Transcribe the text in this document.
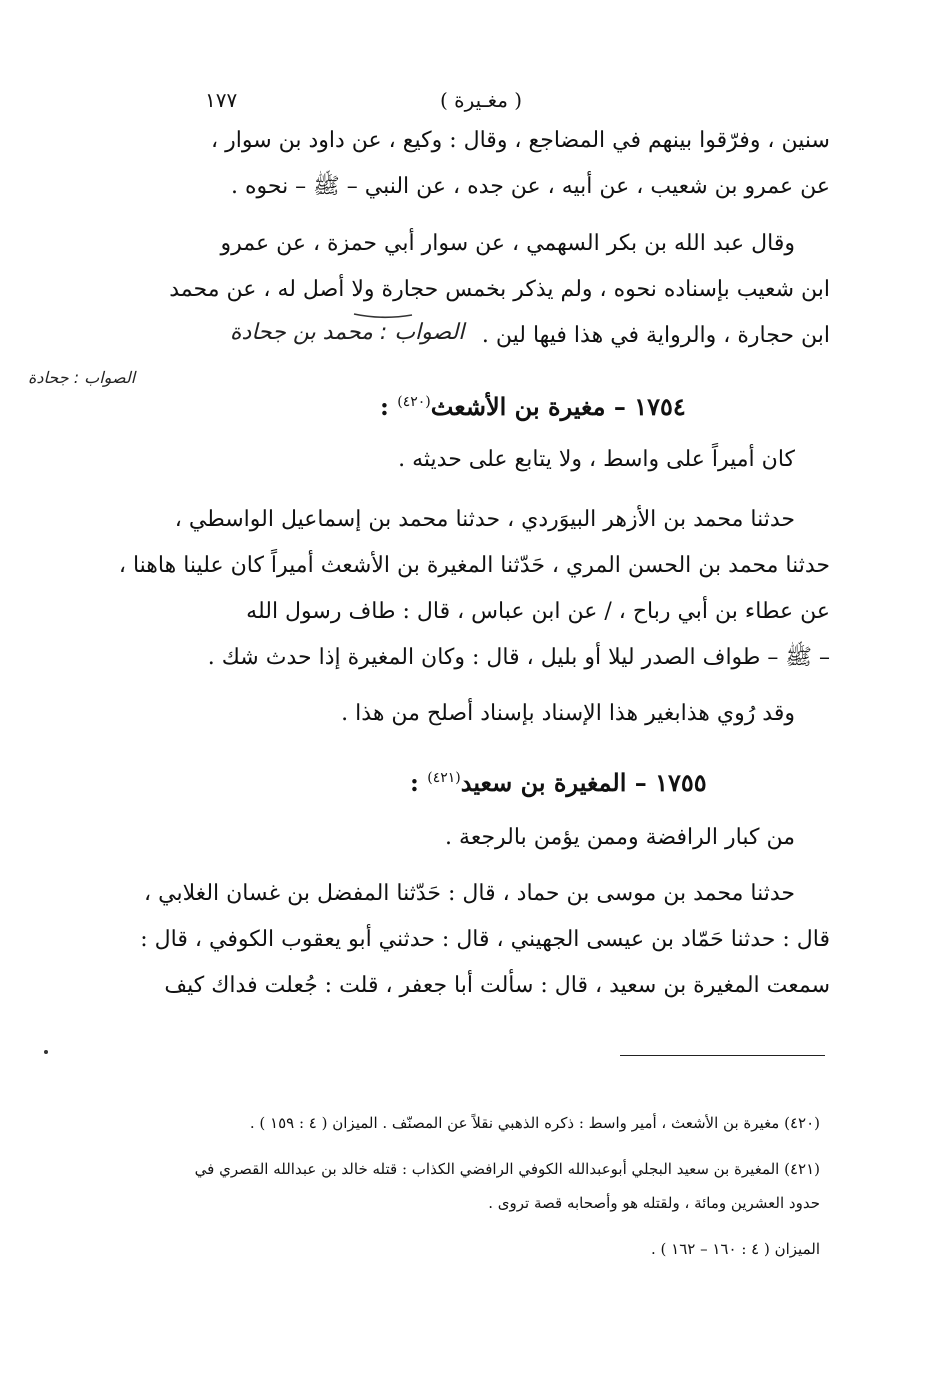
١٧٧	( مغـيرة )
سنين ، وفرّقوا بينهم في المضاجع ، وقال : وكيع ، عن داود بن سوار ،
عن عمرو بن شعيب ، عن أبيه ، عن جده ، عن النبي – ﷺ – نحوه .
وقال عبد الله بن بكر السهمي ، عن سوار أبي حمزة ، عن عمرو
ابن شعيب بإسناده نحوه ، ولم يذكر بخمس حجارة ولا أصل له ، عن محمد
ابن حجارة ، والرواية في هذا فيها لين .
الصواب : محمد بن جحادة
الصواب : جحادة
١٧٥٤ – مغيرة بن الأشعث$^{(٤٢٠)}$ :
كان أميراً على واسط ، ولا يتابع على حديثه .
حدثنا محمد بن الأزهر البيوَردي ، حدثنا محمد بن إسماعيل الواسطي ،
حدثنا محمد بن الحسن المري ، حَدّثنا المغيرة بن الأشعث أميراً كان علينا هاهنا ،
عن عطاء بن أبي رباح ، / عن ابن عباس ، قال : طاف رسول الله
– ﷺ – طواف الصدر ليلا أو بليل ، قال : وكان المغيرة إذا حدث شك .
وقد رُوي هذابغير هذا الإسناد بإسناد أصلح من هذا .
١٧٥٥ – المغيرة بن سعيد$^{(٤٢١)}$ :
من كبار الرافضة وممن يؤمن بالرجعة .
حدثنا محمد بن موسى بن حماد ، قال : حَدّثنا المفضل بن غسان الغلابي ،
قال : حدثنا حَمّاد بن عيسى الجهيني ، قال : حدثني أبو يعقوب الكوفي ، قال :
سمعت المغيرة بن سعيد ، قال : سألت أبا جعفر ، قلت : جُعلت فداك كيف
(٤٢٠) مغيرة بن الأشعث ، أمير واسط : ذكره الذهبي نقلاً عن المصنّف . الميزان ( ٤ : ١٥٩ ) .
(٤٢١) المغيرة بن سعيد البجلي أبوعبدالله الكوفي الرافضي الكذاب : قتله خالد بن عبدالله القصري في
حدود العشرين ومائة ، ولقتله هو وأصحابه قصة تروى .
الميزان ( ٤ : ١٦٠ – ١٦٢ ) .
